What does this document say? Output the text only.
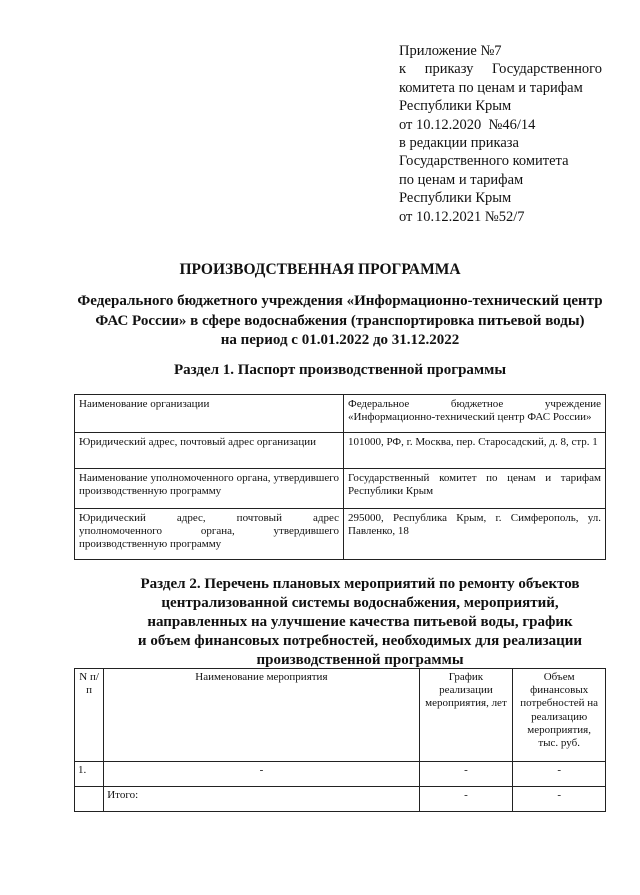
Приложение №7
к приказу Государственного
комитета по ценам и тарифам
Республики Крым
от 10.12.2020  №46/14
в редакции приказа
Государственного комитета
по ценам и тарифам
Республики Крым
от 10.12.2021 №52/7
ПРОИЗВОДСТВЕННАЯ ПРОГРАММА
Федерального бюджетного учреждения «Информационно-технический центр
ФАС России» в сфере водоснабжения (транспортировка питьевой воды)
на период с 01.01.2022 до 31.12.2022
Раздел 1. Паспорт производственной программы
Наименование организации	Федеральное бюджетное учреждение «Информационно-технический центр ФАС России»
Юридический адрес, почтовый адрес организации	101000, РФ, г. Москва, пер. Старосадский, д. 8, стр. 1
Наименование уполномоченного органа, утвердившего производственную программу	Государственный комитет по ценам и тарифам Республики Крым
Юридический адрес, почтовый адрес уполномоченного органа, утвердившего производственную программу	295000, Республика Крым, г. Симферополь, ул. Павленко, 18
Раздел 2. Перечень плановых мероприятий по ремонту объектов
централизованной системы водоснабжения, мероприятий,
направленных на улучшение качества питьевой воды, график
и объем финансовых потребностей, необходимых для реализации
производственной программы
N п/п	Наименование мероприятия	График реализации мероприятия, лет	Объем финансовых потребностей на реализацию мероприятия, тыс. руб.
1.	-	-	-
	Итого:	-	-
